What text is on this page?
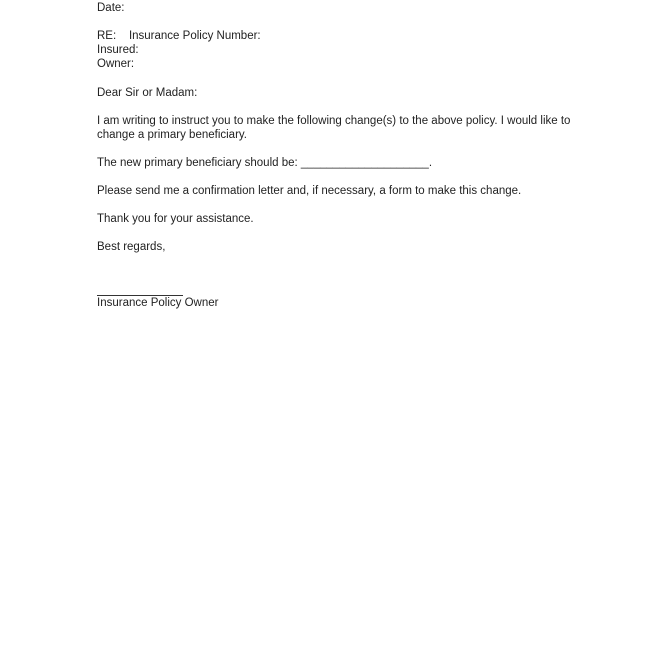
Date:
RE:    Insurance Policy Number:
Insured:
Owner:
Dear Sir or Madam:
I am writing to instruct you to make the following change(s) to the above policy. I would like to change a primary beneficiary.
The new primary beneficiary should be: ____________________.
Please send me a confirmation letter and, if necessary, a form to make this change.
Thank you for your assistance.
Best regards,
Insurance Policy Owner
